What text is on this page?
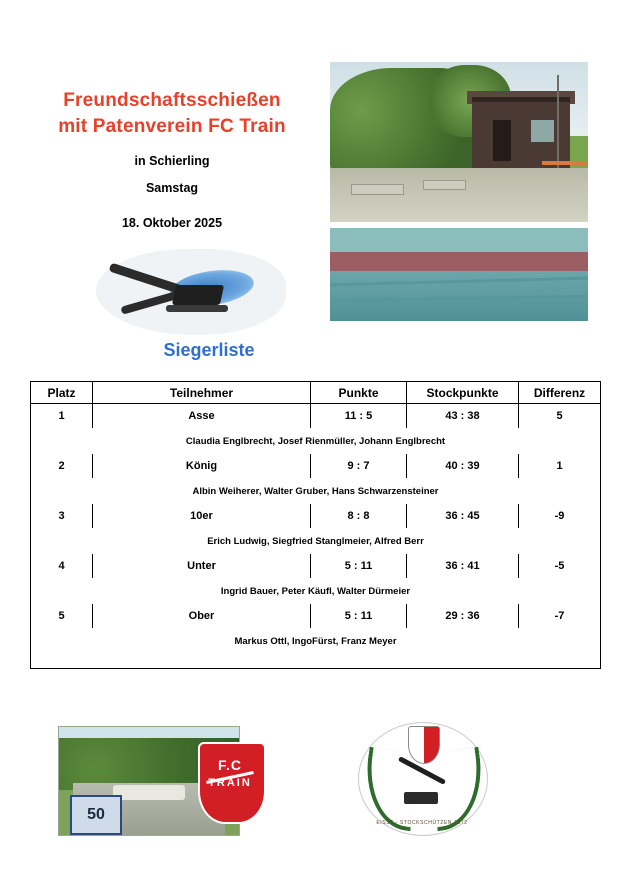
Freundschaftsschießen
mit Patenverein FC Train
in Schierling
Samstag
18. Oktober 2025
Siegerliste
Platz	Teilnehmer	Punkte	Stockpunkte	Differenz
1	Asse	11 : 5	43 : 38	5
Claudia Englbrecht, Josef Rienmüller, Johann Englbrecht				
2	König	9 : 7	40 : 39	1
Albin Weiherer, Walter Gruber, Hans Schwarzensteiner				
3	10er	8 : 8	36 : 45	-9
Erich Ludwig, Siegfried Stanglmeier, Alfred Berr				
4	Unter	5 : 11	36 : 41	-5
Ingrid Bauer, Peter Käufl, Walter Dürmeier				
5	Ober	5 : 11	29 : 36	-7
Markus Ottl, IngoFürst, Franz Meyer				

50
F.C
TRAIN
EISST - STOCKSCHÜTZEN 1972
